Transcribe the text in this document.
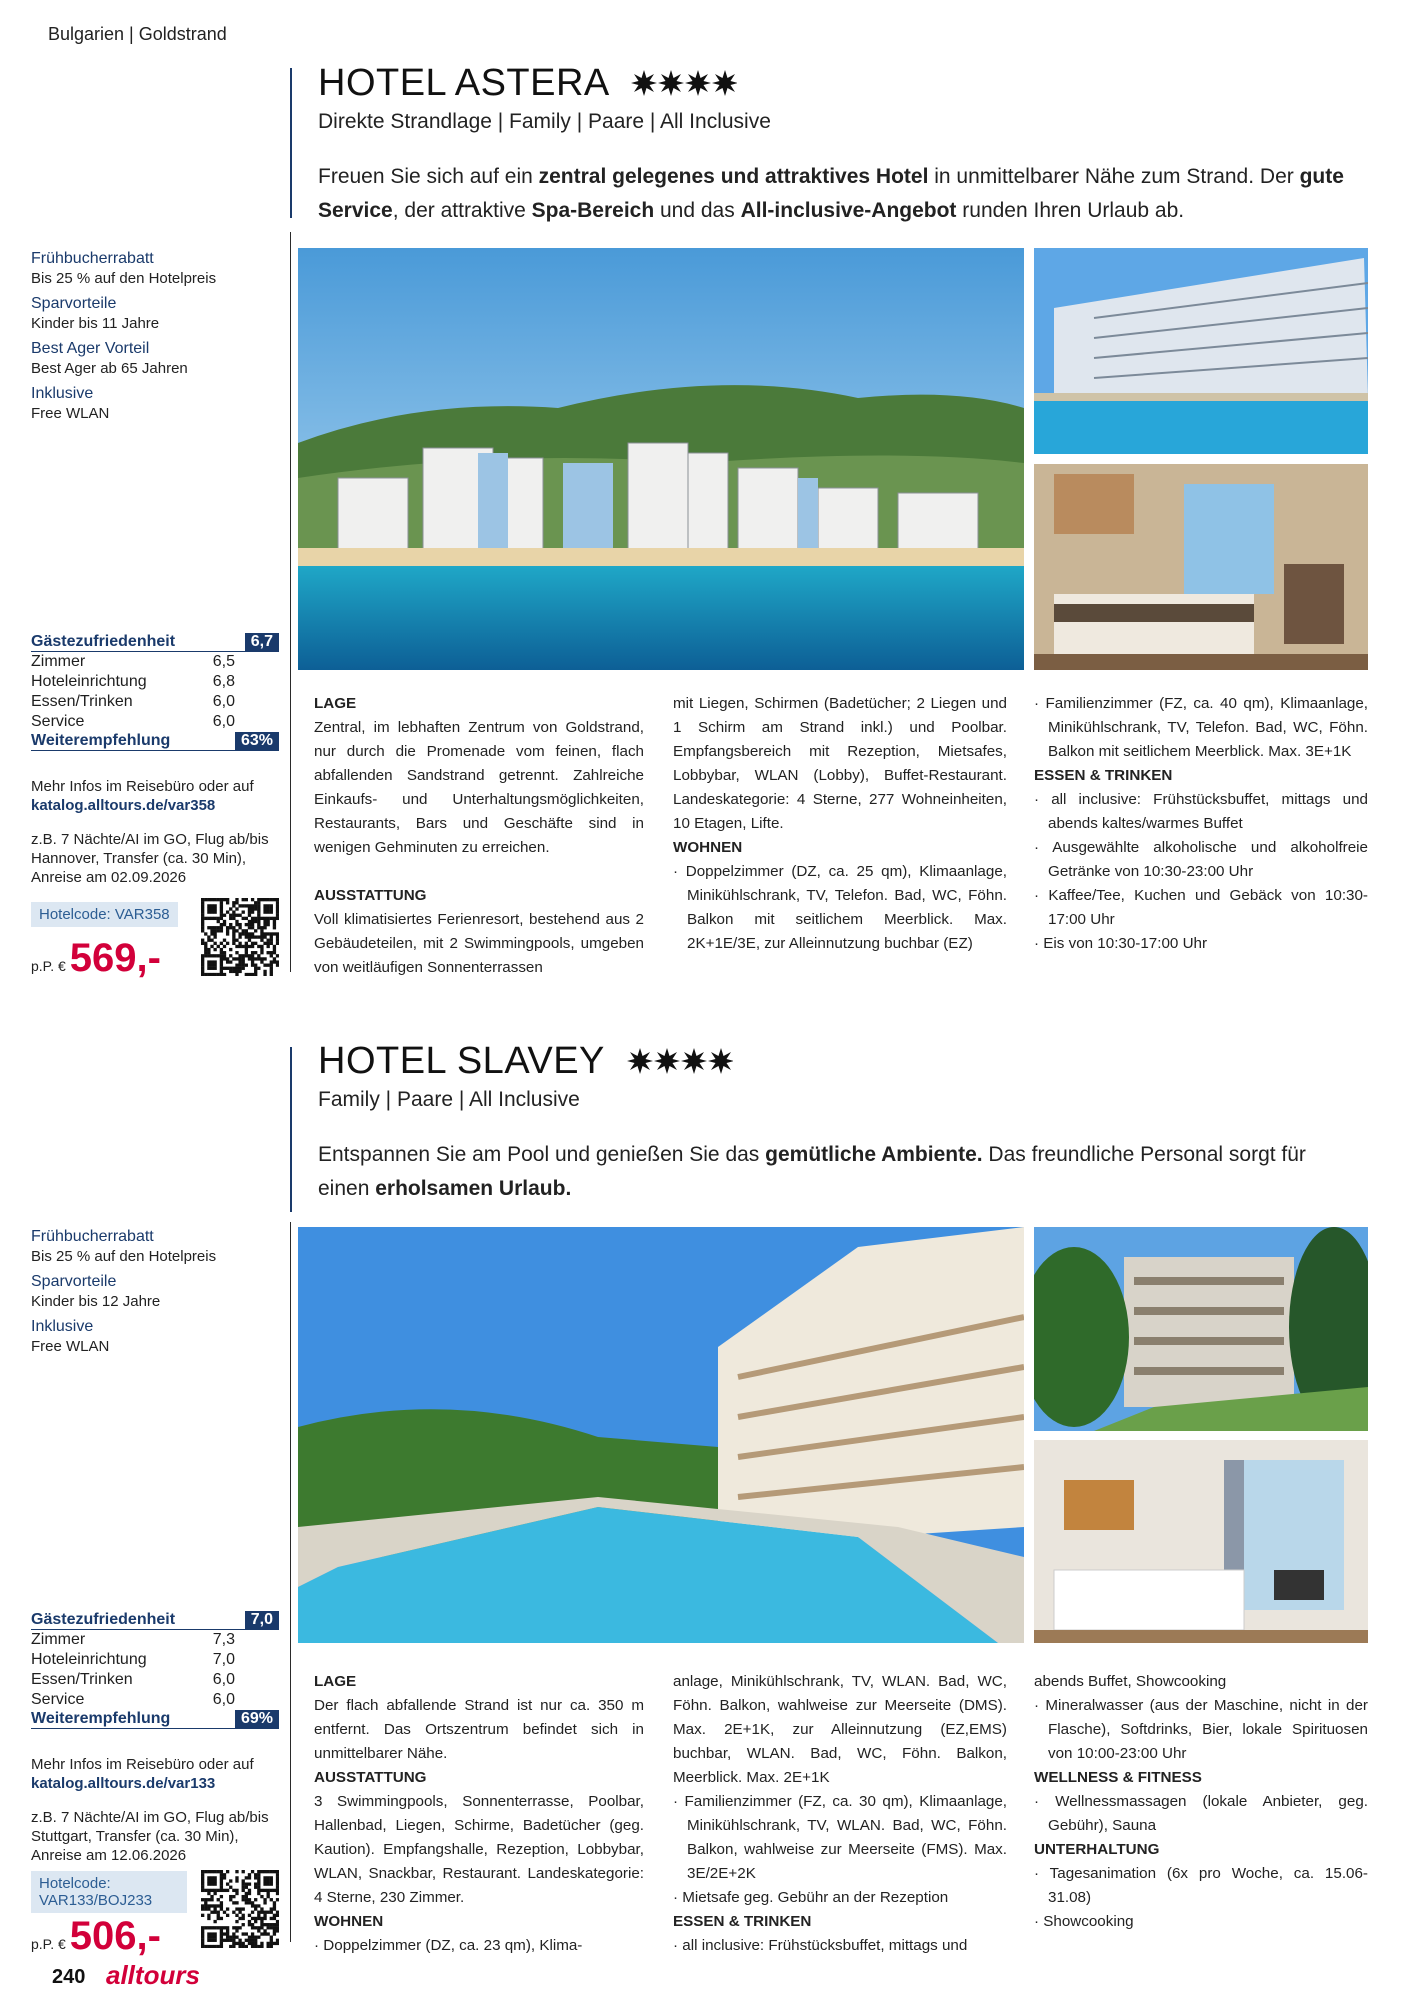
Bulgarien | Goldstrand
HOTEL ASTERA
Direkte Strandlage | Family | Paare | All Inclusive
Freuen Sie sich auf ein zentral gelegenes und attraktives Hotel in unmittelbarer Nähe zum Strand. Der gute Service, der attraktive Spa-Bereich und das All-inclusive-Angebot runden Ihren Urlaub ab.
Frühbucherrabatt
Bis 25 % auf den Hotelpreis
Sparvorteile
Kinder bis 11 Jahre
Best Ager Vorteil
Best Ager ab 65 Jahren
Inklusive
Free WLAN
Gästezufriedenheit	6,7
Zimmer	6,5
Hoteleinrichtung	6,8
Essen/Trinken	6,0
Service	6,0
Weiterempfehlung	63%
Mehr Infos im Reisebüro oder auf
katalog.alltours.de/var358
z.B. 7 Nächte/AI im GO, Flug ab/bis Hannover, Transfer (ca. 30 Min), Anreise am 02.09.2026
Hotelcode: VAR358
p.P. € 569,-
LAGE
Zentral, im lebhaften Zentrum von Goldstrand, nur durch die Promenade vom feinen, flach abfallenden Sandstrand getrennt. Zahlreiche Einkaufs- und Unterhaltungsmöglichkeiten, Restaurants, Bars und Geschäfte sind in wenigen Gehminuten zu erreichen.
AUSSTATTUNG
Voll klimatisiertes Ferienresort, bestehend aus 2 Gebäudeteilen, mit 2 Swimmingpools, umgeben von weitläufigen Sonnenterrassen
mit Liegen, Schirmen (Badetücher; 2 Liegen und 1 Schirm am Strand inkl.) und Poolbar. Empfangsbereich mit Rezeption, Mietsafes, Lobbybar, WLAN (Lobby), Buffet-Restaurant. Landeskategorie: 4 Sterne, 277 Wohneinheiten, 10 Etagen, Lifte.
WOHNEN
· Doppelzimmer (DZ, ca. 25 qm), Klimaanlage, Minikühlschrank, TV, Telefon. Bad, WC, Föhn. Balkon mit seitlichem Meerblick. Max. 2K+1E/3E, zur Alleinnutzung buchbar (EZ)
· Familienzimmer (FZ, ca. 40 qm), Klimaanlage, Minikühlschrank, TV, Telefon. Bad, WC, Föhn. Balkon mit seitlichem Meerblick. Max. 3E+1K
ESSEN & TRINKEN
· all inclusive: Frühstücksbuffet, mittags und abends kaltes/warmes Buffet
· Ausgewählte alkoholische und alkoholfreie Getränke von 10:30-23:00 Uhr
· Kaffee/Tee, Kuchen und Gebäck von 10:30-17:00 Uhr
· Eis von 10:30-17:00 Uhr
HOTEL SLAVEY
Family | Paare | All Inclusive
Entspannen Sie am Pool und genießen Sie das gemütliche Ambiente. Das freundliche Personal sorgt für einen erholsamen Urlaub.
Frühbucherrabatt
Bis 25 % auf den Hotelpreis
Sparvorteile
Kinder bis 12 Jahre
Inklusive
Free WLAN
Gästezufriedenheit	7,0
Zimmer	7,3
Hoteleinrichtung	7,0
Essen/Trinken	6,0
Service	6,0
Weiterempfehlung	69%
Mehr Infos im Reisebüro oder auf
katalog.alltours.de/var133
z.B. 7 Nächte/AI im GO, Flug ab/bis Stuttgart, Transfer (ca. 30 Min), Anreise am 12.06.2026
Hotelcode: VAR133/BOJ233
p.P. € 506,-
LAGE
Der flach abfallende Strand ist nur ca. 350 m entfernt. Das Ortszentrum befindet sich in unmittelbarer Nähe.
AUSSTATTUNG
3 Swimmingpools, Sonnenterrasse, Poolbar, Hallenbad, Liegen, Schirme, Badetücher (geg. Kaution). Empfangshalle, Rezeption, Lobbybar, WLAN, Snackbar, Restaurant. Landeskategorie: 4 Sterne, 230 Zimmer.
WOHNEN
· Doppelzimmer (DZ, ca. 23 qm), Klima-
anlage, Minikühlschrank, TV, WLAN. Bad, WC, Föhn. Balkon, wahlweise zur Meerseite (DMS). Max. 2E+1K, zur Alleinnutzung (EZ,EMS) buchbar, WLAN. Bad, WC, Föhn. Balkon, Meerblick. Max. 2E+1K
· Familienzimmer (FZ, ca. 30 qm), Klimaanlage, Minikühlschrank, TV, WLAN. Bad, WC, Föhn. Balkon, wahlweise zur Meerseite (FMS). Max. 3E/2E+2K
· Mietsafe geg. Gebühr an der Rezeption
ESSEN & TRINKEN
· all inclusive: Frühstücksbuffet, mittags und
abends Buffet, Showcooking
· Mineralwasser (aus der Maschine, nicht in der Flasche), Softdrinks, Bier, lokale Spirituosen von 10:00-23:00 Uhr
WELLNESS & FITNESS
· Wellnessmassagen (lokale Anbieter, geg. Gebühr), Sauna
UNTERHALTUNG
· Tagesanimation (6x pro Woche, ca. 15.06-31.08)
· Showcooking
240 alltours
